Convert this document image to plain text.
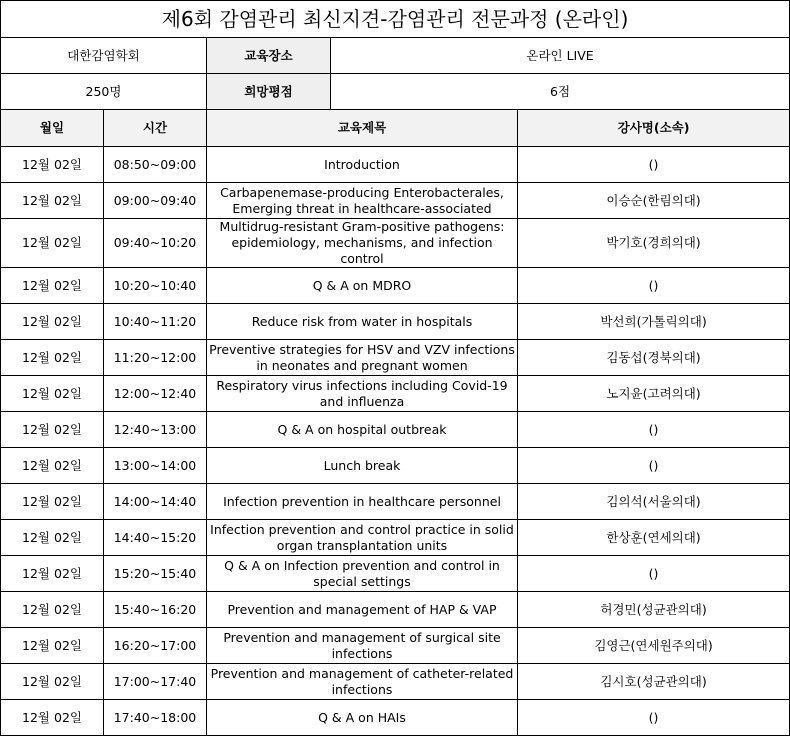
제6회 감염관리 최신지견-감염관리 전문과정 (온라인)				
대한감염학회		교육장소	온라인 LIVE	
250명		희망평점	6점	
월일	시간	교육제목		강사명(소속)
12월 02일	08:50~09:00	Introduction		()
12월 02일	09:00~09:40	Carbapenemase-producing Enterobacterales, Emerging threat in healthcare-associated		이승순(한림의대)
12월 02일	09:40~10:20	Multidrug-resistant Gram-positive pathogens: epidemiology, mechanisms, and infection control		박기호(경희의대)
12월 02일	10:20~10:40	Q & A on MDRO		()
12월 02일	10:40~11:20	Reduce risk from water in hospitals		박선희(가톨릭의대)
12월 02일	11:20~12:00	Preventive strategies for HSV and VZV infections in neonates and pregnant women		김동섭(경북의대)
12월 02일	12:00~12:40	Respiratory virus infections including Covid-19 and influenza		노지윤(고려의대)
12월 02일	12:40~13:00	Q & A on hospital outbreak		()
12월 02일	13:00~14:00	Lunch break		()
12월 02일	14:00~14:40	Infection prevention in healthcare personnel		김의석(서울의대)
12월 02일	14:40~15:20	Infection prevention and control practice in solid organ transplantation units		한상훈(연세의대)
12월 02일	15:20~15:40	Q & A on Infection prevention and control in special settings		()
12월 02일	15:40~16:20	Prevention and management of HAP & VAP		허경민(성균관의대)
12월 02일	16:20~17:00	Prevention and management of surgical site infections		김영근(연세원주의대)
12월 02일	17:00~17:40	Prevention and management of catheter-related infections		김시호(성균관의대)
12월 02일	17:40~18:00	Q & A on HAIs		()
